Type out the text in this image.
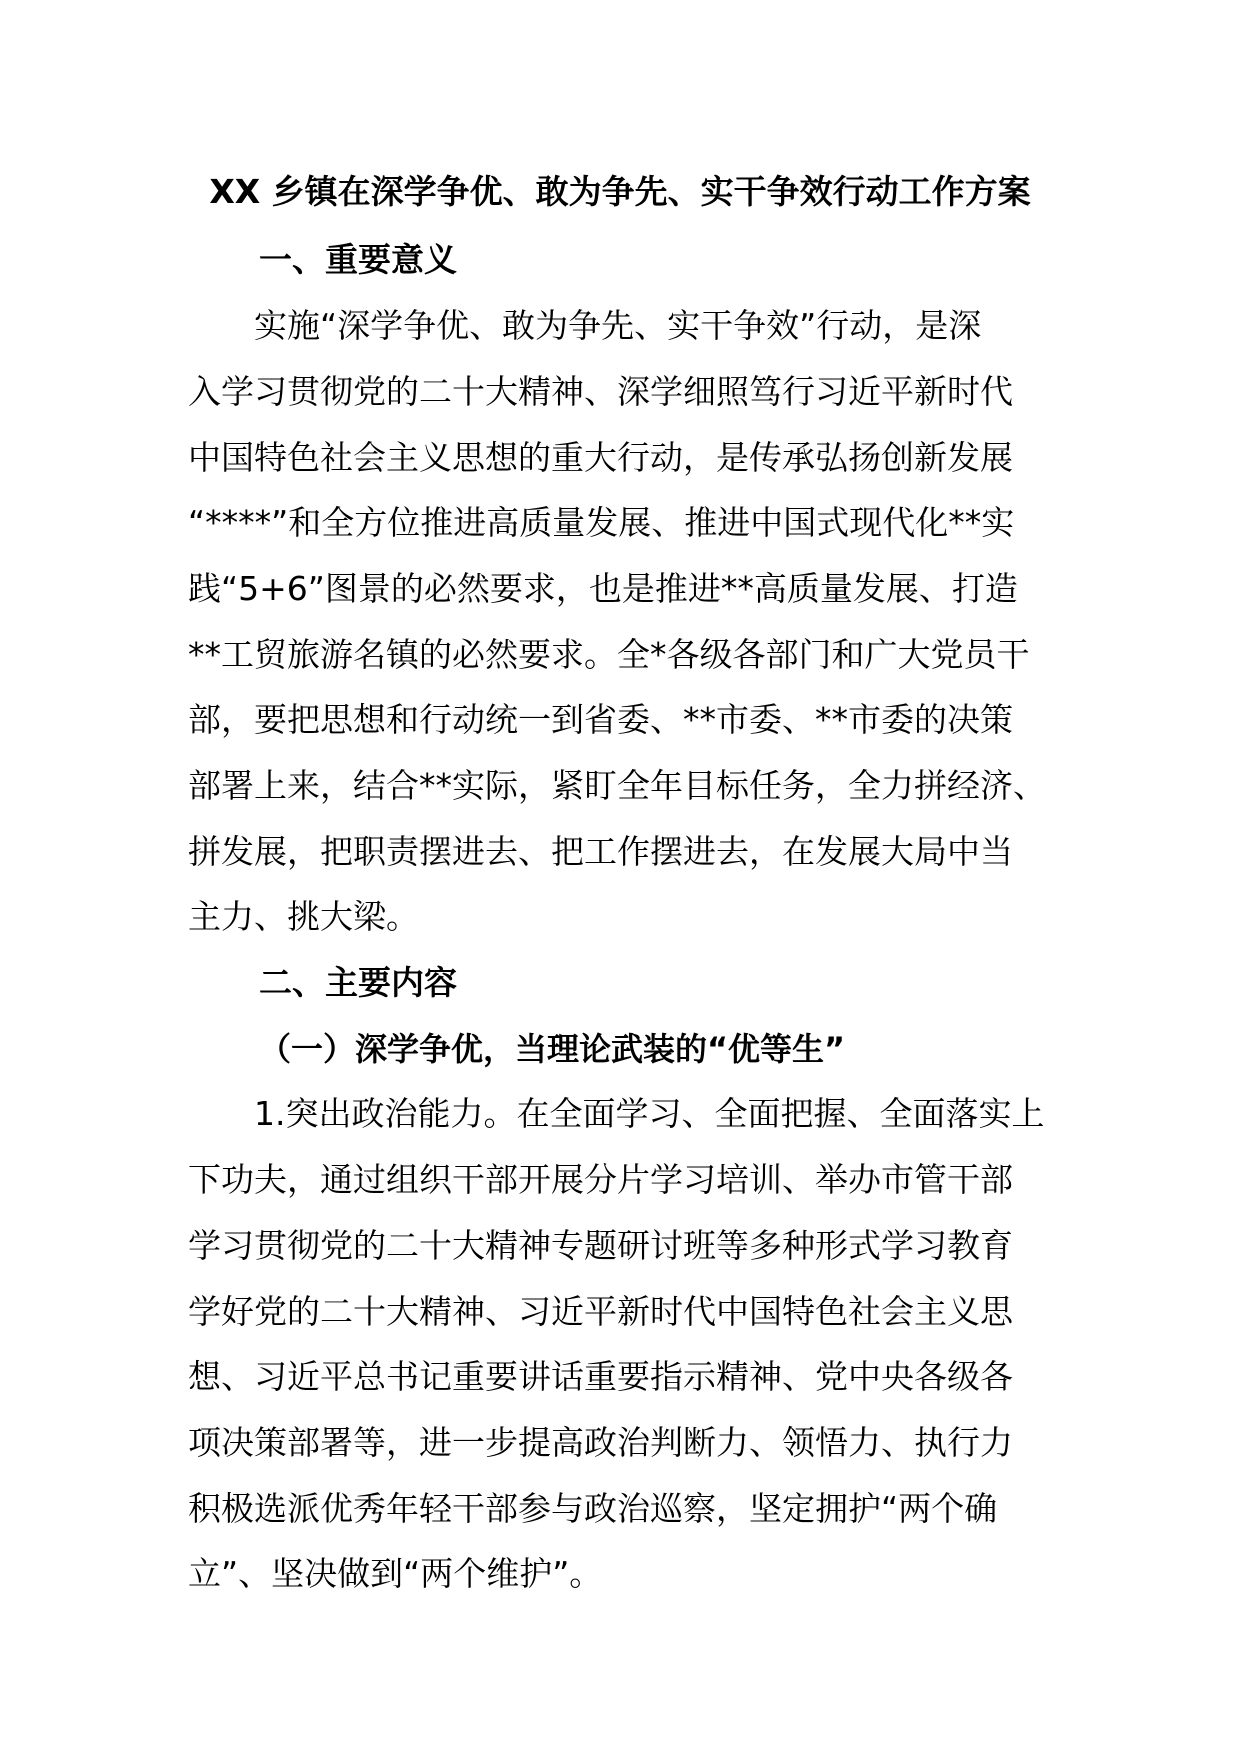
XX 乡镇在深学争优、敢为争先、实干争效行动工作方案
一、重要意义
实施“深学争优、敢为争先、实干争效”行动，是深
入学习贯彻党的二十大精神、深学细照笃行习近平新时代
中国特色社会主义思想的重大行动，是传承弘扬创新发展
“****”和全方位推进高质量发展、推进中国式现代化**实
践“5+6”图景的必然要求，也是推进**高质量发展、打造
**工贸旅游名镇的必然要求。全*各级各部门和广大党员干
部，要把思想和行动统一到省委、**市委、**市委的决策
部署上来，结合**实际，紧盯全年目标任务，全力拼经济、
拼发展，把职责摆进去、把工作摆进去，在发展大局中当
主力、挑大梁。
二、主要内容
（一）深学争优，当理论武装的“优等生”
1.突出政治能力。在全面学习、全面把握、全面落实上
下功夫，通过组织干部开展分片学习培训、举办市管干部
学习贯彻党的二十大精神专题研讨班等多种形式学习教育
学好党的二十大精神、习近平新时代中国特色社会主义思
想、习近平总书记重要讲话重要指示精神、党中央各级各
项决策部署等，进一步提高政治判断力、领悟力、执行力
积极选派优秀年轻干部参与政治巡察，坚定拥护“两个确
立”、坚决做到“两个维护”。
